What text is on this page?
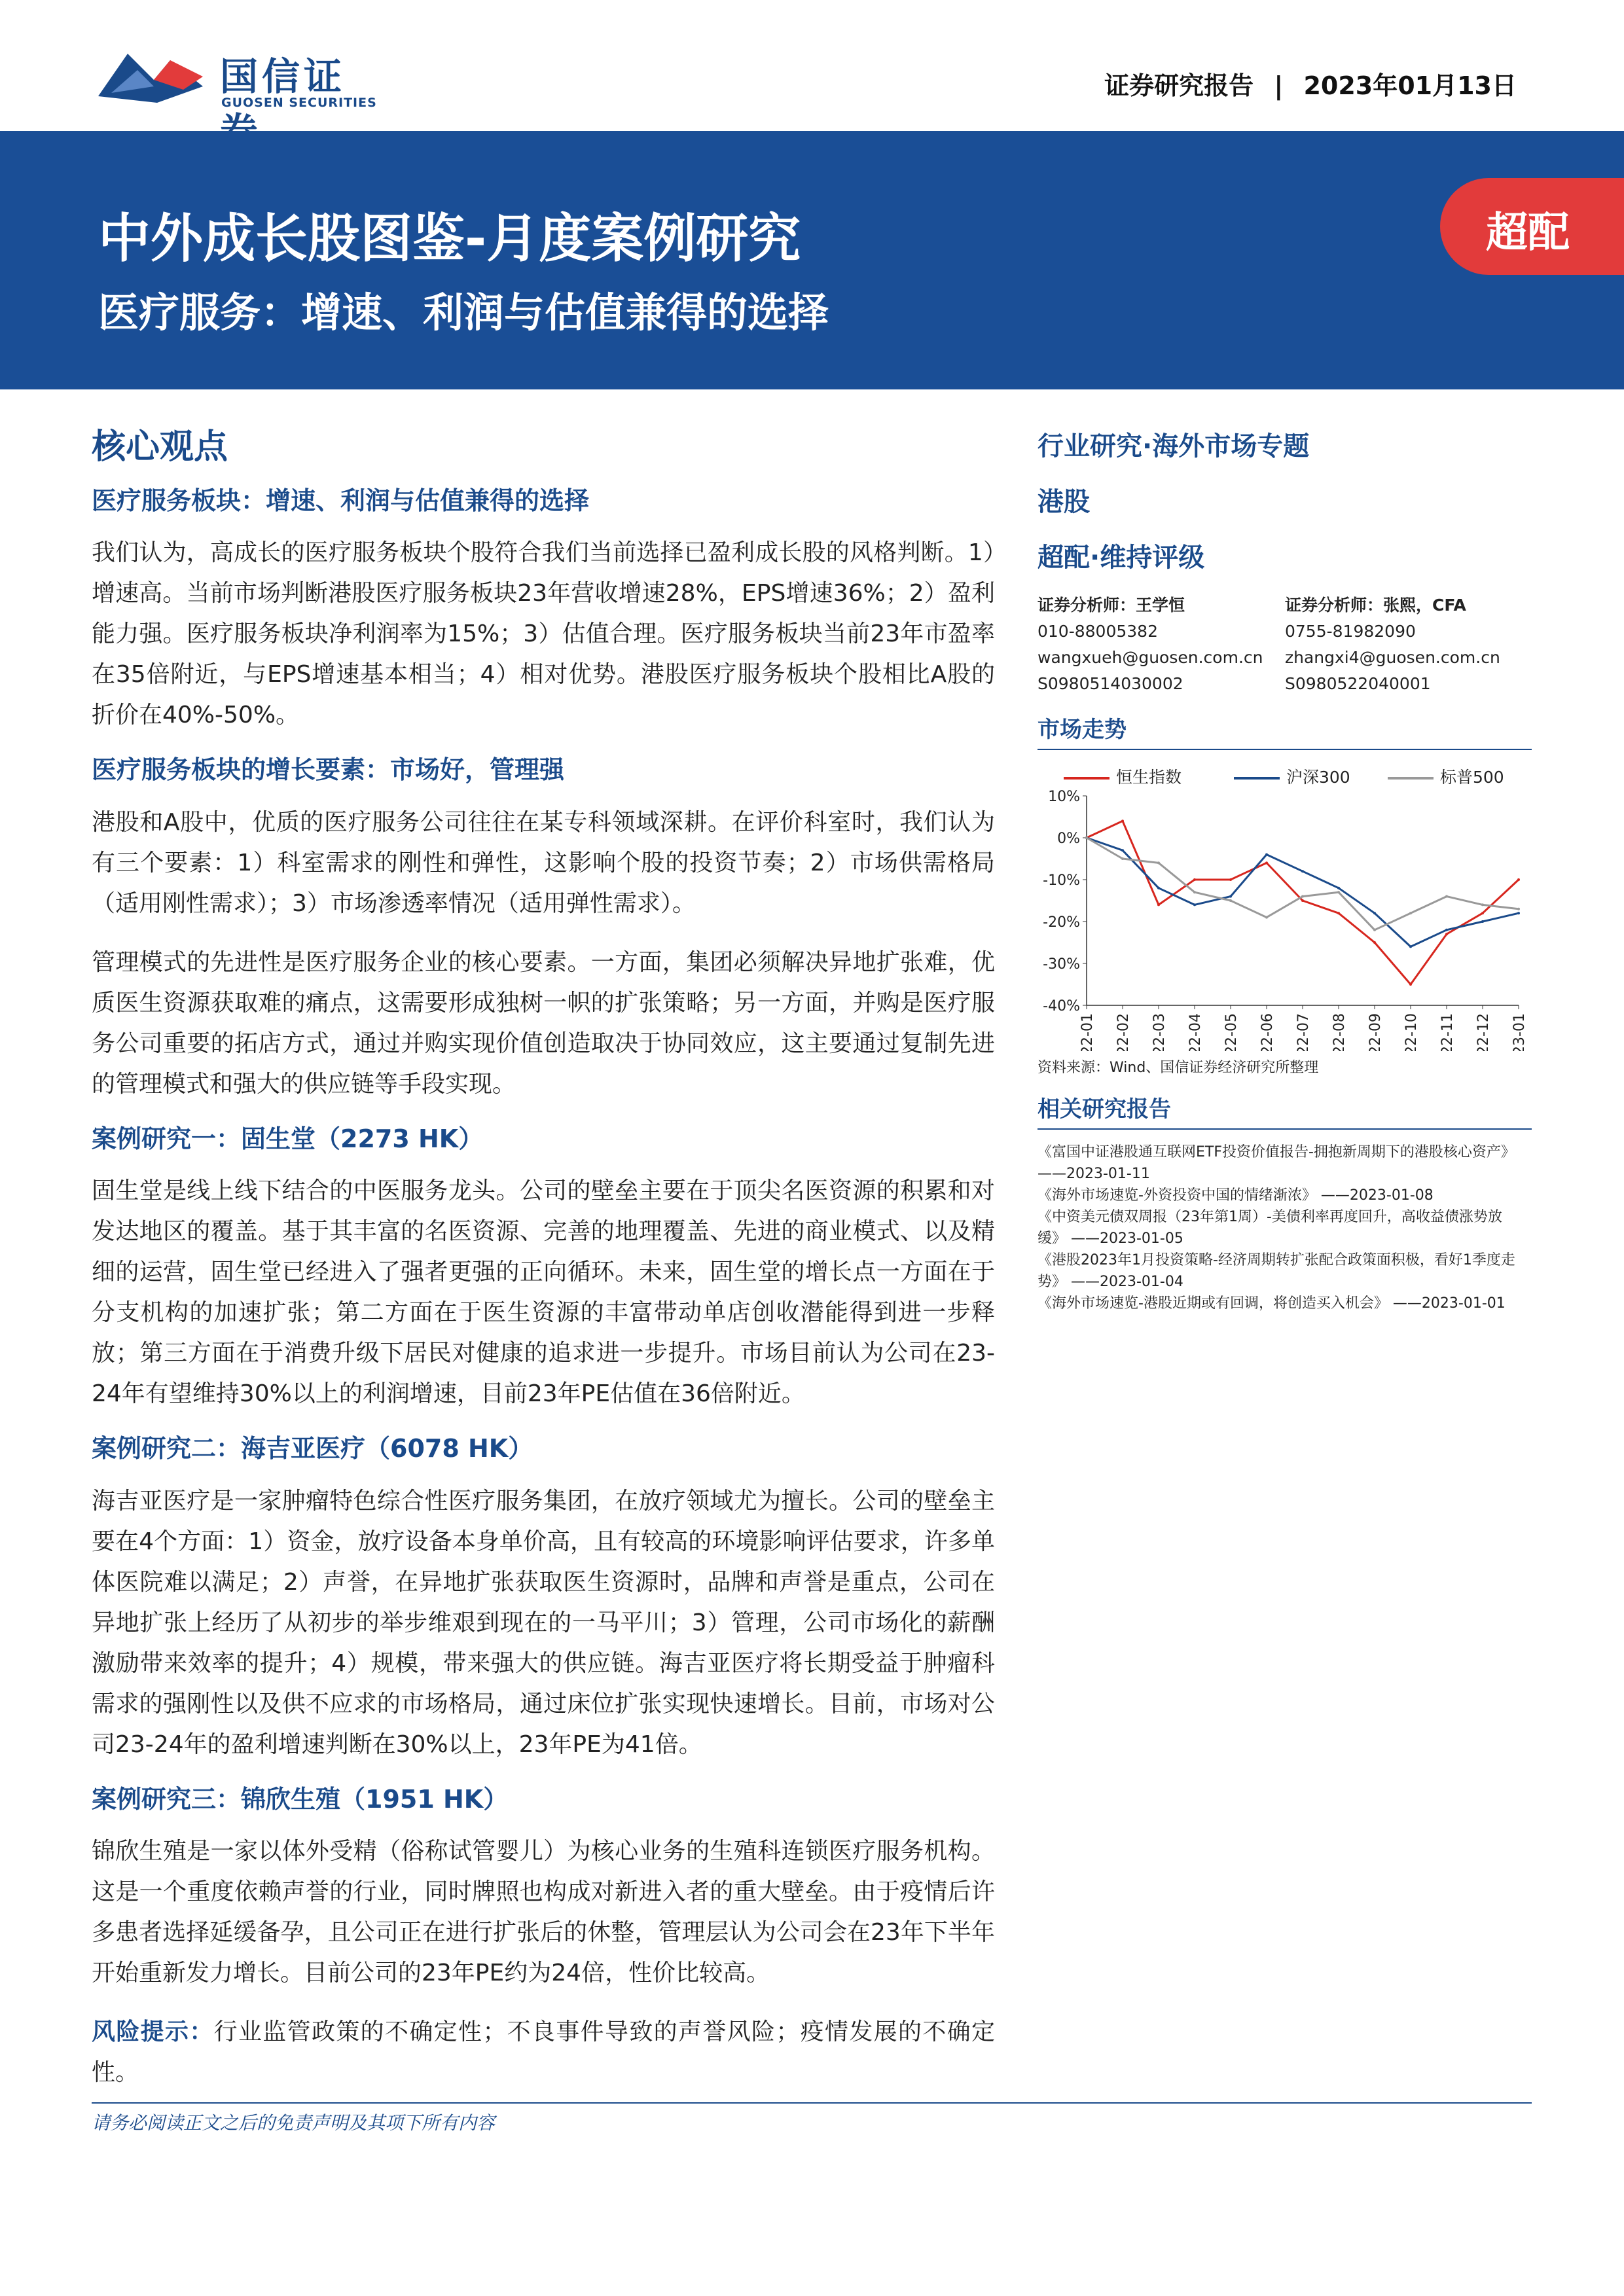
国信证
GUOSEN SECURITIES
证券研究报告 | 2023年01月13日
中外成长股图鉴-月度案例研究
医疗服务：增速、利润与估值兼得的选择
超配
核心观点
医疗服务板块：增速、利润与估值兼得的选择

我们认为，高成长的医疗服务板块个股符合我们当前选择已盈利成长股的风格判断。1）增速高。当前市场判断港股医疗服务板块23年营收增速28%，EPS增速36%；2）盈利能力强。医疗服务板块净利润率为15%；3）估值合理。医疗服务板块当前23年市盈率在35倍附近，与EPS增速基本相当；4）相对优势。港股医疗服务板块个股相比A股的折价在40%-50%。

医疗服务板块的增长要素：市场好，管理强

港股和A股中，优质的医疗服务公司往往在某专科领域深耕。在评价科室时，我们认为有三个要素：1）科室需求的刚性和弹性，这影响个股的投资节奏；2）市场供需格局（适用刚性需求）；3）市场渗透率情况（适用弹性需求）。

管理模式的先进性是医疗服务企业的核心要素。一方面，集团必须解决异地扩张难，优质医生资源获取难的痛点，这需要形成独树一帜的扩张策略；另一方面，并购是医疗服务公司重要的拓店方式，通过并购实现价值创造取决于协同效应，这主要通过复制先进的管理模式和强大的供应链等手段实现。

案例研究一：固生堂（2273 HK）

固生堂是线上线下结合的中医服务龙头。公司的壁垒主要在于顶尖名医资源的积累和对发达地区的覆盖。基于其丰富的名医资源、完善的地理覆盖、先进的商业模式、以及精细的运营，固生堂已经进入了强者更强的正向循环。未来，固生堂的增长点一方面在于分支机构的加速扩张；第二方面在于医生资源的丰富带动单店创收潜能得到进一步释放；第三方面在于消费升级下居民对健康的追求进一步提升。市场目前认为公司在23-24年有望维持30%以上的利润增速，目前23年PE估值在36倍附近。

案例研究二：海吉亚医疗（6078 HK）

海吉亚医疗是一家肿瘤特色综合性医疗服务集团，在放疗领域尤为擅长。公司的壁垒主要在4个方面：1）资金，放疗设备本身单价高，且有较高的环境影响评估要求，许多单体医院难以满足；2）声誉，在异地扩张获取医生资源时，品牌和声誉是重点，公司在异地扩张上经历了从初步的举步维艰到现在的一马平川；3）管理，公司市场化的薪酬激励带来效率的提升；4）规模，带来强大的供应链。海吉亚医疗将长期受益于肿瘤科需求的强刚性以及供不应求的市场格局，通过床位扩张实现快速增长。目前，市场对公司23-24年的盈利增速判断在30%以上，23年PE为41倍。

案例研究三：锦欣生殖（1951 HK）

锦欣生殖是一家以体外受精（俗称试管婴儿）为核心业务的生殖科连锁医疗服务机构。这是一个重度依赖声誉的行业，同时牌照也构成对新进入者的重大壁垒。由于疫情后许多患者选择延缓备孕，且公司正在进行扩张后的休整，管理层认为公司会在23年下半年开始重新发力增长。目前公司的23年PE约为24倍，性价比较高。

风险提示：行业监管政策的不确定性；不良事件导致的声誉风险；疫情发展的不确定性。

行业研究·海外市场专题
港股
超配·维持评级
证券分析师：王学恒
010-88005382
wangxueh@guosen.com.cn
S0980514030002
证券分析师：张熙，CFA
0755-81982090
zhangxi4@guosen.com.cn
S0980522040001
市场走势
恒生指数	沪深300	标普500
10%
0%
-10%
-20%
-30%
-40%
22-01 22-02 22-03 22-04 22-05 22-06 22-07 22-08 22-09 22-10 22-11 22-12 23-01
资料来源：Wind、国信证券经济研究所整理
相关研究报告
《富国中证港股通互联网ETF投资价值报告-拥抱新周期下的港股核心资产》 ——2023-01-11
《海外市场速览-外资投资中国的情绪渐浓》 ——2023-01-08
《中资美元债双周报（23年第1周）-美债利率再度回升，高收益债涨势放缓》 ——2023-01-05
《港股2023年1月投资策略-经济周期转扩张配合政策面积极，看好1季度走势》 ——2023-01-04
《海外市场速览-港股近期或有回调，将创造买入机会》 ——2023-01-01
请务必阅读正文之后的免责声明及其项下所有内容
